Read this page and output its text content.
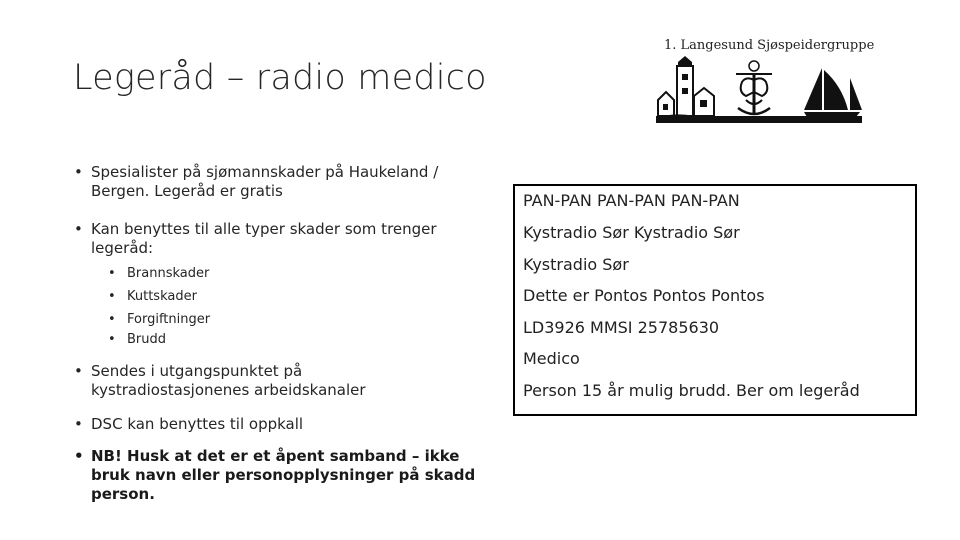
Legeråd – radio medico
1. Langesund Sjøspeidergruppe
• Spesialister på sjømannskader på Haukeland /
Bergen. Legeråd er gratis
• Kan benyttes til alle typer skader som trenger
legeråd:
• Brannskader
• Kuttskader
• Forgiftninger
• Brudd
• Sendes i utgangspunktet på
kystradiostasjonenes arbeidskanaler
• DSC kan benyttes til oppkall
• NB! Husk at det er et åpent samband – ikke
bruk navn eller personopplysninger på skadd
person.
PAN-PAN PAN-PAN PAN-PAN
Kystradio Sør Kystradio Sør
Kystradio Sør
Dette er Pontos Pontos Pontos
LD3926 MMSI 25785630
Medico
Person 15 år mulig brudd. Ber om legeråd
